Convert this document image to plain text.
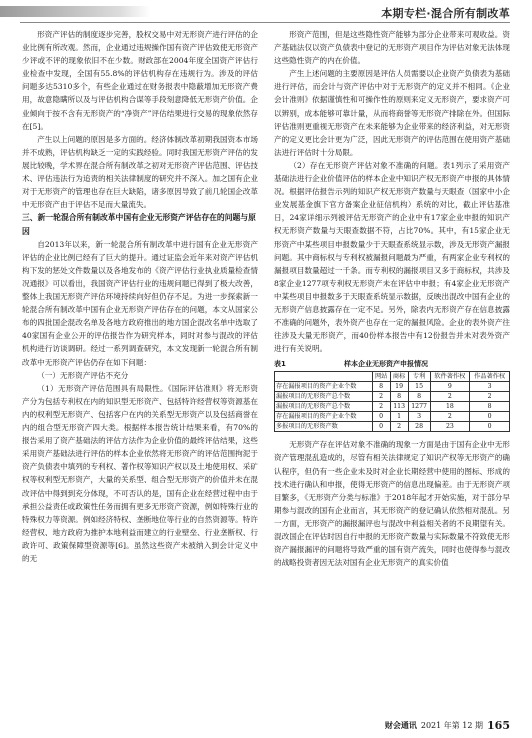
本期专栏·混合所有制改革

形资产评估的制度逐步完善，股权交易中对无形资产进行评估的企业比例有所改观。然而，企业通过违规操作国有资产评估致使无形资产少评或不评的现象依旧不在少数。财政部在2004年度全国资产评估行业检查中发现，全国有55.8%的评估机构存在违规行为。涉及的评估问题多达5310多个，有些企业通过在财务报表中隐蔽增加无形资产费用，故意隐瞒所以及与评估机构合谋等手段刻意降低无形资产价值。企业倾向于按不含有无形资产的“净资产”评估结果进行交易的现象依然存在[5]。

产生以上问题的原因是多方面的。经济体制改革初期我国资本市场并不成熟，评估机构缺乏一定的实践经验。同时我国无形资产评估的发展比较晚，学术界在混合所有制改革之初对无形资产评估范围、评估技术、评估违法行为追责的相关法律制度的研究并不深入。加之国有企业对于无形资产的管理也存在巨大缺陷，诸多原因导致了前几轮国企改革中无形资产由于评估不足而大量流失。

三、新一轮混合所有制改革中国有企业无形资产评估存在的问题与原因

自2013年以来，新一轮混合所有制改革中进行国有企业无形资产评估的企业比例已经有了巨大的提升。通过证监会近年来对资产评估机构下发的惩处文件数量以及各地发布的《资产评估行业执业质量检查情况通报》可以看出，我国资产评估行业的违规问题已得到了极大改善，整体上我国无形资产评估环境持续向好但仍存不足。为进一步探索新一轮混合所有制改革中国有企业无形资产评估存在的问题，本文从国家公布的四批国企混改名单及各地方政府推出的地方国企混改名单中选取了40家国有企业公开的评估报告作为研究样本，同时对参与混改的评估机构进行访谈调研。经过一系列调查研究，本文发现新一轮混合所有制改革中无形资产评估仍存在如下问题：

（一）无形资产评估不充分

（1）无形资产评估范围具有局限性。《国际评估准则》将无形资产分为包括专利权在内的知识型无形资产、包括特许经营权等资源基在内的权利型无形资产、包括客户在内的关系型无形资产以及包括商誉在内的组合型无形资产四大类。根据样本报告统计结果来看，有70%的报告采用了资产基础法的评估方法作为企业价值的最终评估结果，这些采用资产基础法进行评估的样本企业依然将无形资产的评估范围拘泥于资产负债表中填列的专利权、著作权等知识产权以及土地使用权、采矿权等权利型无形资产，大量的关系型、组合型无形资产的价值并未在混改评估中得到到充分体现，不可否认的是，国有企业在经营过程中由于承担公益责任或政策性任务而拥有更多无形资产资源，例如特殊行业的特殊权力等资源。例如经济特权、垄断地位等行业的自然资源等。特许经营权、地方政府为推护本地利益而建立的行业壁垒、行业垄断权、行政许可、政策保障型资源等[6]。虽然这些资产未被纳入到会计定义中的无

形资产范围，但是这些隐性资产能够为部分企业带来可观收益。资产基础法仅以资产负债表中登记的无形资产项目作为评估对象无法体现这些隐性资产的内在价值。

产生上述问题的主要原因是评估人员需要以企业资产负债表为基础进行评估，而会计与资产评估中对于无形资产的定义并不相同。《企业会计准则》依据谨慎性和可操作性的原则来定义无形资产，要求资产可以辨别，成本能够可靠计量，从而将商誉等无形资产排除在外。但国际评估准则更重视无形资产在未来能够为企业带来的经济利益，对无形资产的定义更比会计更为广泛，因此无形资产的评估范围在使用资产基础法进行评估时十分局限。

（2）存在无形资产评估对象不准确的问题。表1列示了采用资产基础法进行企业价值评估的样本企业中知识产权无形资产申报的具体情况。根据评估报告示列的知识产权无形资产数量与天眼查（国家中小企业发展基金旗下官方备案企业征信机构）系统的对比，截止评估基准日，24家详细示列被评估无形资产的企业中有17家企业申报的知识产权无形资产数量与天眼查数据不符，占比70%。其中，有15家企业无形资产中某些项目申报数量少于天眼查系统显示数，涉及无形资产漏报问题。其中商标权与专利权被漏报问题最为严重，有两家企业专利权的漏报项目数量超过一千条。而专利权的漏报项目又多于商标权，共涉及8家企业1277项专利权无形资产未在评估中申报；有4家企业无形资产中某些项目申报数多于天眼查系统显示数据，反映出混改中国有企业的无形资产信息披露存在一定不足。另外，除表内无形资产存在信息披露不准确的问题外，表外资产也存在一定的漏报风险。企业的表外资产往往涉及大量无形资产，而40份样本报告中有12份报告并未对表外资产进行有关说明。

表1	样本企业无形资产申报情况
	网站	商标	专利	软件著作权	作品著作权
存在漏报项目的资产企业个数	8	19	15	9	3
漏报项目的无形资产总个数	2	8	8	2	2
漏报项目的无形资产总个数	2	113	1277	18	8
存在漏报项目的资产企业个数	0	1	3	2	0
多报项目的无形资产数	0	2	28	23	0

无形资产存在评估对象不准确的现象一方面是由于国有企业中无形资产管理混乱造成的，尽管有相关法律规定了知识产权等无形资产的确认程序，但仍有一些企业未及时对企业长期经营中使用的图标、形成的技术进行确认和申报，使得无形资产的信息出现偏差。由于无形资产项目繁多，《无形资产分类与标准》于2018年起才开始实施，对于部分早期参与混改的国有企业而言，其无形资产的登记确认依然相对混乱。另一方面，无形资产的漏报漏评也与混改中利益相关者的不良期望有关。混改国企在评估时因自行申报的无形资产数量与实际数量不符致使无形资产漏报漏评的问题将导致严重的国有资产流失，同时也使得参与混改的战略投资者因无法对国有企业无形资产的真实价值

财会通讯 2021 年第 12 期 165
